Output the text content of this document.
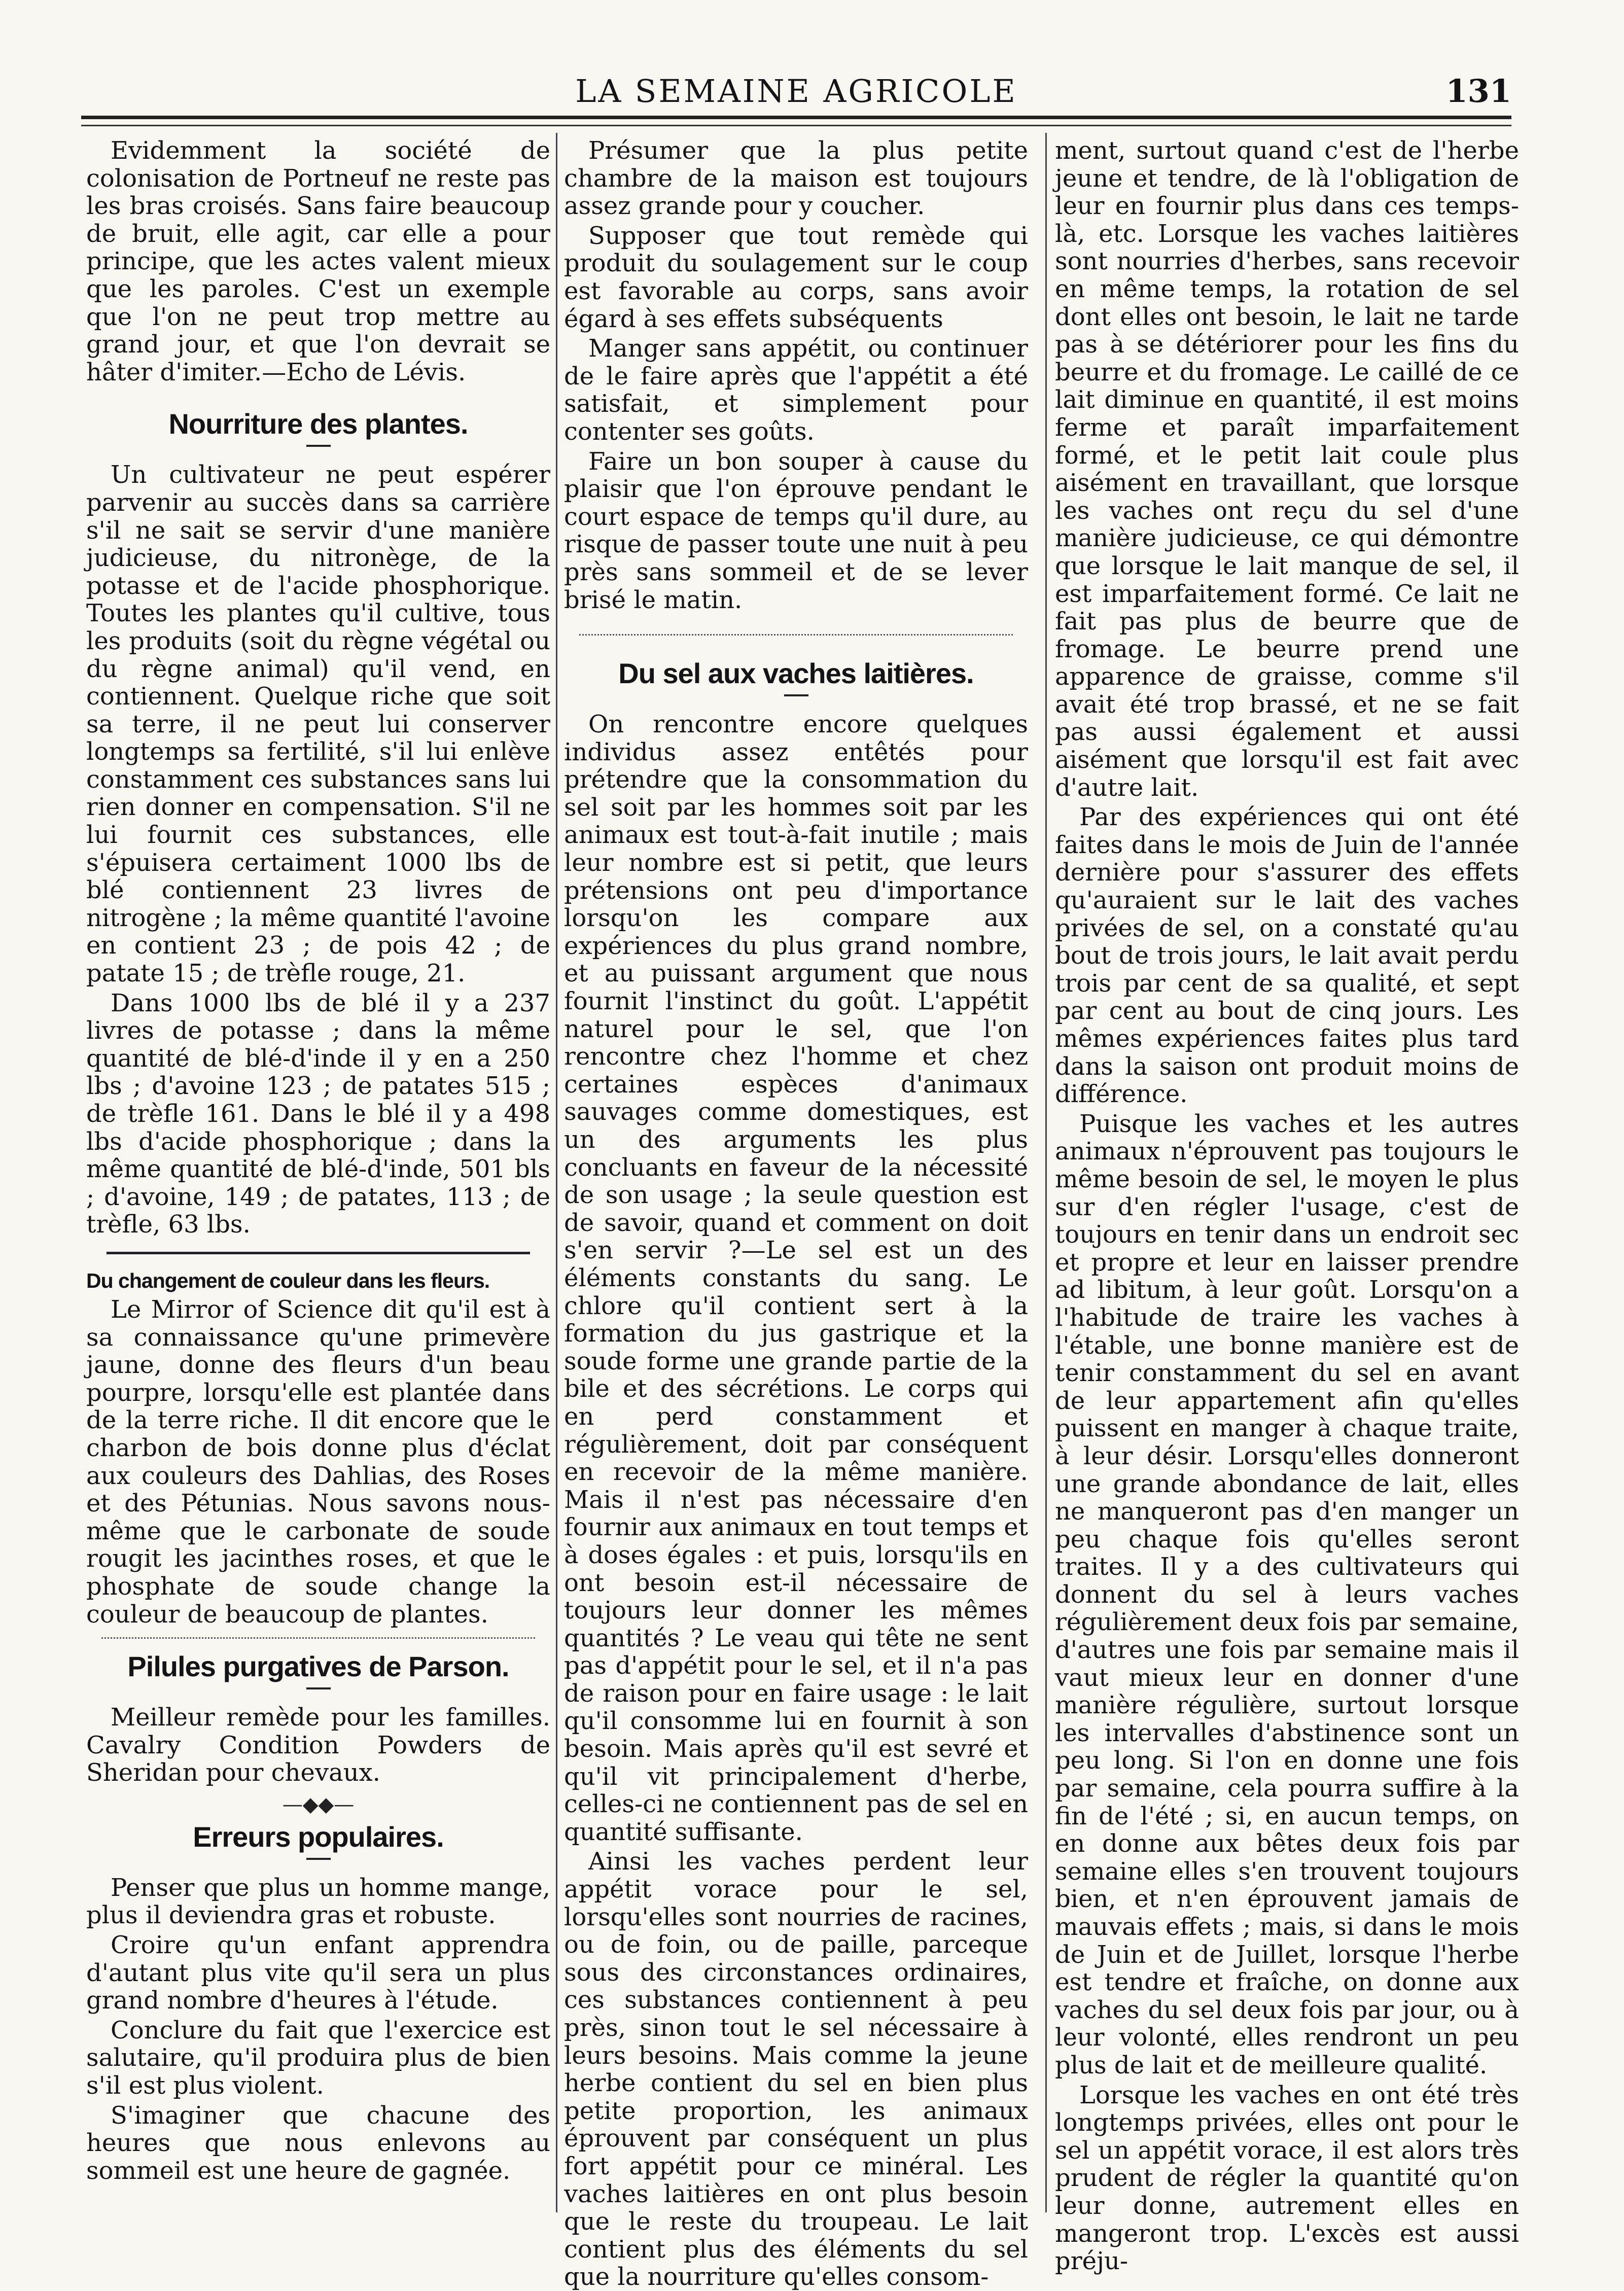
LA SEMAINE AGRICOLE	131

Evidemment la société de colonisation de Portneuf ne reste pas les bras croisés. Sans faire beaucoup de bruit, elle agit, car elle a pour principe, que les actes valent mieux que les paroles. C'est un exemple que l'on ne peut trop mettre au grand jour, et que l'on devrait se hâter d'imiter.—Echo de Lévis.

Nourriture des plantes.

Un cultivateur ne peut espérer parvenir au succès dans sa carrière s'il ne sait se servir d'une manière judicieuse, du nitronège, de la potasse et de l'acide phosphorique. Toutes les plantes qu'il cultive, tous les produits (soit du règne végétal ou du règne animal) qu'il vend, en contiennent. Quelque riche que soit sa terre, il ne peut lui conserver longtemps sa fertilité, s'il lui enlève constamment ces substances sans lui rien donner en compensation. S'il ne lui fournit ces substances, elle s'épuisera certaiment 1000 lbs de blé contiennent 23 livres de nitrogène ; la même quantité l'avoine en contient 23 ; de pois 42 ; de patate 15 ; de trèfle rouge, 21.

Dans 1000 lbs de blé il y a 237 livres de potasse ; dans la même quantité de blé-d'inde il y en a 250 lbs ; d'avoine 123 ; de patates 515 ; de trèfle 161. Dans le blé il y a 498 lbs d'acide phosphorique ; dans la même quantité de blé-d'inde, 501 bls ; d'avoine, 149 ; de patates, 113 ; de trèfle, 63 lbs.

Du changement de couleur dans les fleurs.

Le Mirror of Science dit qu'il est à sa connaissance qu'une primevère jaune, donne des fleurs d'un beau pourpre, lorsqu'elle est plantée dans de la terre riche. Il dit encore que le charbon de bois donne plus d'éclat aux couleurs des Dahlias, des Roses et des Pétunias. Nous savons nous-même que le carbonate de soude rougit les jacinthes roses, et que le phosphate de soude change la couleur de beaucoup de plantes.

Pilules purgatives de Parson.

Meilleur remède pour les familles. Cavalry Condition Powders de Sheridan pour chevaux.

—◆◆—
Erreurs populaires.

Penser que plus un homme mange, plus il deviendra gras et robuste.

Croire qu'un enfant apprendra d'autant plus vite qu'il sera un plus grand nombre d'heures à l'étude.

Conclure du fait que l'exercice est salutaire, qu'il produira plus de bien s'il est plus violent.

S'imaginer que chacune des heures que nous enlevons au sommeil est une heure de gagnée.

Présumer que la plus petite chambre de la maison est toujours assez grande pour y coucher.

Supposer que tout remède qui produit du soulagement sur le coup est favorable au corps, sans avoir égard à ses effets subséquents

Manger sans appétit, ou continuer de le faire après que l'appétit a été satisfait, et simplement pour contenter ses goûts.

Faire un bon souper à cause du plaisir que l'on éprouve pendant le court espace de temps qu'il dure, au risque de passer toute une nuit à peu près sans sommeil et de se lever brisé le matin.

Du sel aux vaches laitières.

On rencontre encore quelques individus assez entêtés pour prétendre que la consommation du sel soit par les hommes soit par les animaux est tout-à-fait inutile ; mais leur nombre est si petit, que leurs prétensions ont peu d'importance lorsqu'on les compare aux expériences du plus grand nombre, et au puissant argument que nous fournit l'instinct du goût. L'appétit naturel pour le sel, que l'on rencontre chez l'homme et chez certaines espèces d'animaux sauvages comme domestiques, est un des arguments les plus concluants en faveur de la nécessité de son usage ; la seule question est de savoir, quand et comment on doit s'en servir ?—Le sel est un des éléments constants du sang. Le chlore qu'il contient sert à la formation du jus gastrique et la soude forme une grande partie de la bile et des sécrétions. Le corps qui en perd constamment et régulièrement, doit par conséquent en recevoir de la même manière. Mais il n'est pas nécessaire d'en fournir aux animaux en tout temps et à doses égales : et puis, lorsqu'ils en ont besoin est-il nécessaire de toujours leur donner les mêmes quantités ? Le veau qui tête ne sent pas d'appétit pour le sel, et il n'a pas de raison pour en faire usage : le lait qu'il consomme lui en fournit à son besoin. Mais après qu'il est sevré et qu'il vit principalement d'herbe, celles-ci ne contiennent pas de sel en quantité suffisante.

Ainsi les vaches perdent leur appétit vorace pour le sel, lorsqu'elles sont nourries de racines, ou de foin, ou de paille, parceque sous des circonstances ordinaires, ces substances contiennent à peu près, sinon tout le sel nécessaire à leurs besoins. Mais comme la jeune herbe contient du sel en bien plus petite proportion, les animaux éprouvent par conséquent un plus fort appétit pour ce minéral. Les vaches laitières en ont plus besoin que le reste du troupeau. Le lait contient plus des éléments du sel que la nourriture qu'elles consom-

ment, surtout quand c'est de l'herbe jeune et tendre, de là l'obligation de leur en fournir plus dans ces temps-là, etc. Lorsque les vaches laitières sont nourries d'herbes, sans recevoir en même temps, la rotation de sel dont elles ont besoin, le lait ne tarde pas à se détériorer pour les fins du beurre et du fromage. Le caillé de ce lait diminue en quantité, il est moins ferme et paraît imparfaitement formé, et le petit lait coule plus aisément en travaillant, que lorsque les vaches ont reçu du sel d'une manière judicieuse, ce qui démontre que lorsque le lait manque de sel, il est imparfaitement formé. Ce lait ne fait pas plus de beurre que de fromage. Le beurre prend une apparence de graisse, comme s'il avait été trop brassé, et ne se fait pas aussi également et aussi aisément que lorsqu'il est fait avec d'autre lait.

Par des expériences qui ont été faites dans le mois de Juin de l'année dernière pour s'assurer des effets qu'auraient sur le lait des vaches privées de sel, on a constaté qu'au bout de trois jours, le lait avait perdu trois par cent de sa qualité, et sept par cent au bout de cinq jours. Les mêmes expériences faites plus tard dans la saison ont produit moins de différence.

Puisque les vaches et les autres animaux n'éprouvent pas toujours le même besoin de sel, le moyen le plus sur d'en régler l'usage, c'est de toujours en tenir dans un endroit sec et propre et leur en laisser prendre ad libitum, à leur goût. Lorsqu'on a l'habitude de traire les vaches à l'étable, une bonne manière est de tenir constamment du sel en avant de leur appartement afin qu'elles puissent en manger à chaque traite, à leur désir. Lorsqu'elles donneront une grande abondance de lait, elles ne manqueront pas d'en manger un peu chaque fois qu'elles seront traites. Il y a des cultivateurs qui donnent du sel à leurs vaches régulièrement deux fois par semaine, d'autres une fois par semaine mais il vaut mieux leur en donner d'une manière régulière, surtout lorsque les intervalles d'abstinence sont un peu long. Si l'on en donne une fois par semaine, cela pourra suffire à la fin de l'été ; si, en aucun temps, on en donne aux bêtes deux fois par semaine elles s'en trouvent toujours bien, et n'en éprouvent jamais de mauvais effets ; mais, si dans le mois de Juin et de Juillet, lorsque l'herbe est tendre et fraîche, on donne aux vaches du sel deux fois par jour, ou à leur volonté, elles rendront un peu plus de lait et de meilleure qualité.

Lorsque les vaches en ont été très longtemps privées, elles ont pour le sel un appétit vorace, il est alors très prudent de régler la quantité qu'on leur donne, autrement elles en mangeront trop. L'excès est aussi préju-
